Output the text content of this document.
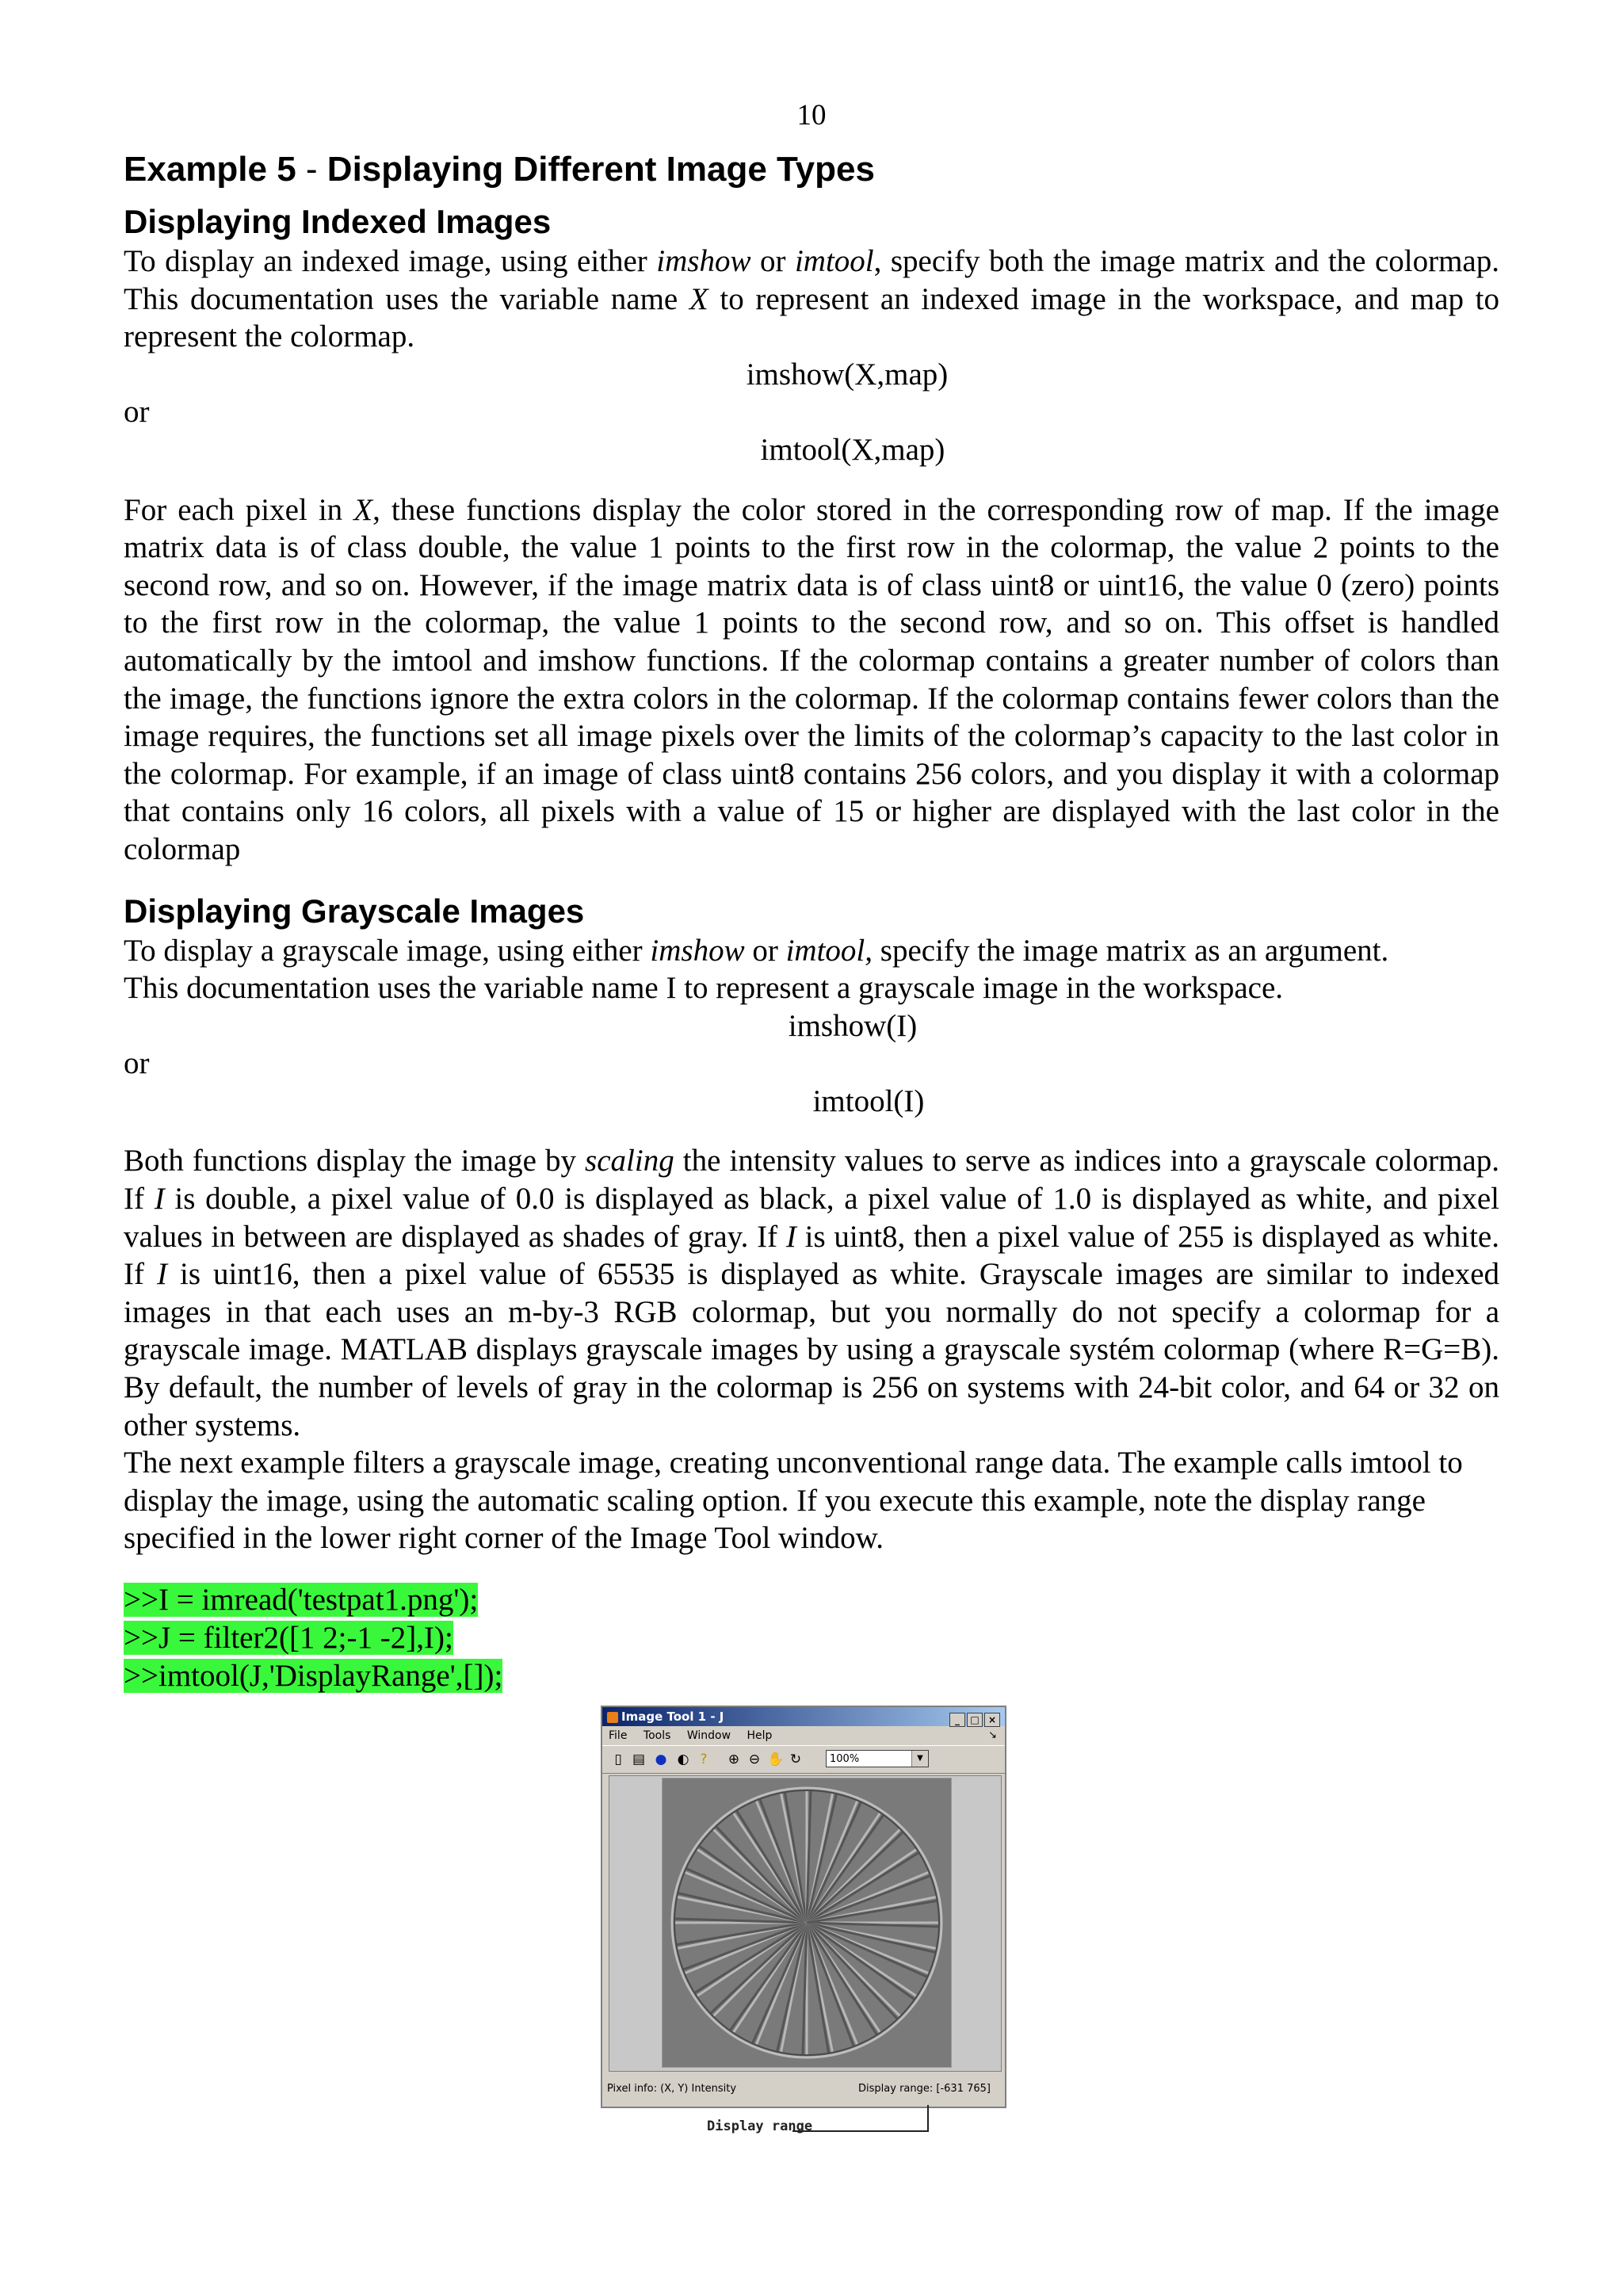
10
Example 5 - Displaying Different Image Types
Displaying Indexed Images

To display an indexed image, using either imshow or imtool, specify both the image matrix and the colormap. This documentation uses the variable name X to represent an indexed image in the workspace, and map to represent the colormap.

imshow(X,map)

or

imtool(X,map)

For each pixel in X, these functions display the color stored in the corresponding row of map. If the image matrix data is of class double, the value 1 points to the first row in the colormap, the value 2 points to the second row, and so on. However, if the image matrix data is of class uint8 or uint16, the value 0 (zero) points to the first row in the colormap, the value 1 points to the second row, and so on. This offset is handled automatically by the imtool and imshow functions. If the colormap contains a greater number of colors than the image, the functions ignore the extra colors in the colormap. If the colormap contains fewer colors than the image requires, the functions set all image pixels over the limits of the colormap’s capacity to the last color in the colormap. For example, if an image of class uint8 contains 256 colors, and you display it with a colormap that contains only 16 colors, all pixels with a value of 15 or higher are displayed with the last color in the colormap

Displaying Grayscale Images

To display a grayscale image, using either imshow or imtool, specify the image matrix as an argument.

This documentation uses the variable name I to represent a grayscale image in the workspace.

imshow(I)

or

imtool(I)

Both functions display the image by scaling the intensity values to serve as indices into a grayscale colormap. If I is double, a pixel value of 0.0 is displayed as black, a pixel value of 1.0 is displayed as white, and pixel values in between are displayed as shades of gray. If I is uint8, then a pixel value of 255 is displayed as white. If I is uint16, then a pixel value of 65535 is displayed as white. Grayscale images are similar to indexed images in that each uses an m-by-3 RGB colormap, but you normally do not specify a colormap for a grayscale image. MATLAB displays grayscale images by using a grayscale systém colormap (where R=G=B). By default, the number of levels of gray in the colormap is 256 on systems with 24-bit color, and 64 or 32 on other systems.

The next example filters a grayscale image, creating unconventional range data. The example calls imtool to display the image, using the automatic scaling option. If you execute this example, note the display range specified in the lower right corner of the Image Tool window.

>>I = imread('testpat1.png');
>>J = filter2([1 2;-1 -2],I);
>>imtool(J,'DisplayRange',[]);
Image Tool 1 - J	_ □ ×
File Tools Window Help	↘
▯ ▤ ● ◐ ?	⊕ ⊖ ✋ ↻	100%	▼
Pixel info: (X, Y) Intensity	Display range: [-631 765]
Display range
